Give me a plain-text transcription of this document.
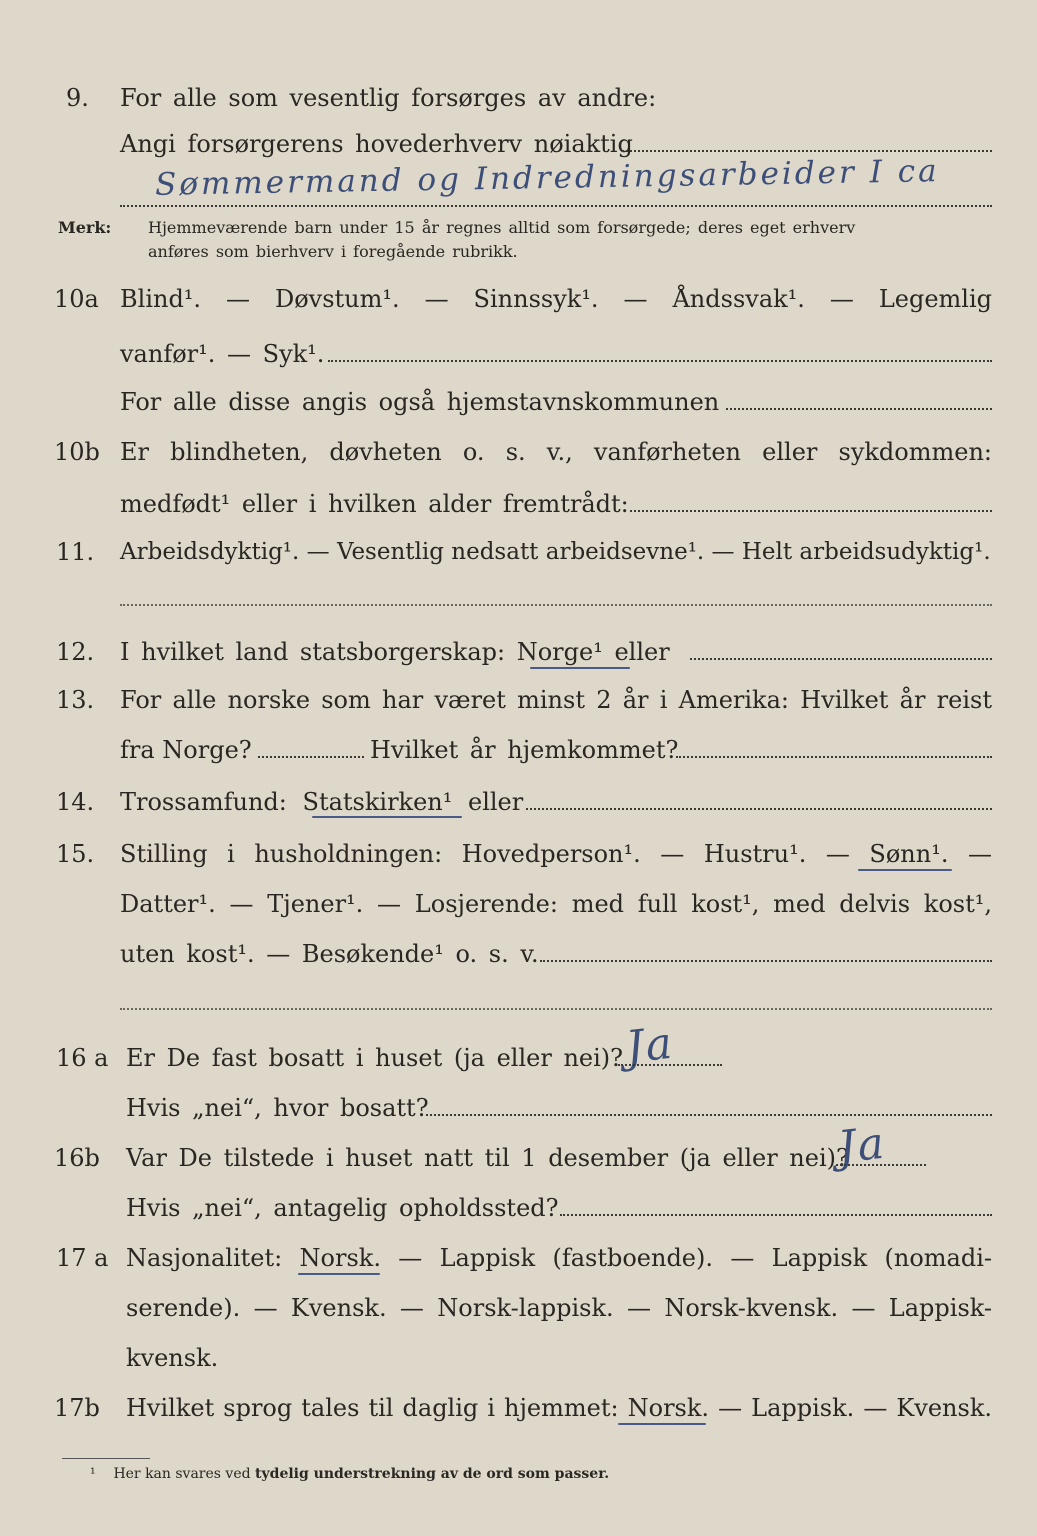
9. For alle som vesentlig forsørges av andre:
Angi forsørgerens hovederhverv nøiaktig
Sømmermand og Indredningsarbeider I ca
Merk: Hjemmeværende barn under 15 år regnes alltid som forsørgede; deres eget erhverv
anføres som bierhverv i foregående rubrikk.
10a Blind¹. — Døvstum¹. — Sinnssyk¹. — Åndssvak¹. — Legemlig
vanfør¹. — Syk¹.
For alle disse angis også hjemstavnskommunen
10b Er blindheten, døvheten o. s. v., vanførheten eller sykdommen:
medfødt¹ eller i hvilken alder fremtrådt:
11. Arbeidsdyktig¹. — Vesentlig nedsatt arbeidsevne¹. — Helt arbeidsudyktig¹.
12. I hvilket land statsborgerskap: Norge¹ eller
13. For alle norske som har været minst 2 år i Amerika: Hvilket år reist
fra Norge?	Hvilket år hjemkommet?
14. Trossamfund: Statskirken¹ eller
15. Stilling i husholdningen: Hovedperson¹. — Hustru¹. — Sønn¹. —
Datter¹. — Tjener¹. — Losjerende: med full kost¹, med delvis kost¹,
uten kost¹. — Besøkende¹ o. s. v.
16 a Er De fast bosatt i huset (ja eller nei)? Ja
Hvis „nei“, hvor bosatt?
16b Var De tilstede i huset natt til 1 desember (ja eller nei)?
Ja
Hvis „nei“, antagelig opholdssted?
17 a Nasjonalitet: Norsk. — Lappisk (fastboende). — Lappisk (nomadi-
serende). — Kvensk. — Norsk-lappisk. — Norsk-kvensk. — Lappisk-
kvensk.
17b Hvilket sprog tales til daglig i hjemmet: Norsk. — Lappisk. — Kvensk.
¹ Her kan svares ved tydelig understrekning av de ord som passer.
